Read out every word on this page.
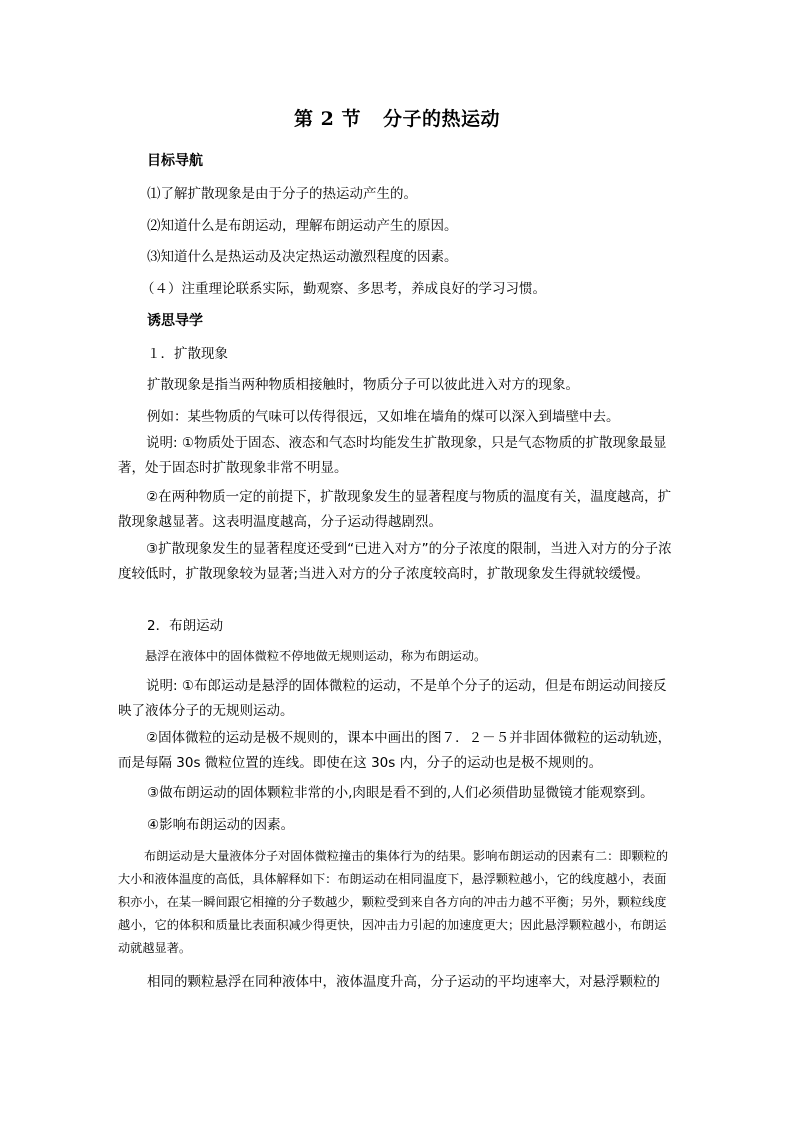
第 2 节 分子的热运动
目标导航
⑴了解扩散现象是由于分子的热运动产生的。
⑵知道什么是布朗运动，理解布朗运动产生的原因。
⑶知道什么是热运动及决定热运动激烈程度的因素。
（４）注重理论联系实际，勤观察、多思考，养成良好的学习习惯。
诱思导学
１．扩散现象
扩散现象是指当两种物质相接触时，物质分子可以彼此进入对方的现象。
例如：某些物质的气味可以传得很远，又如堆在墙角的煤可以深入到墙壁中去。
说明: ①物质处于固态、液态和气态时均能发生扩散现象，只是气态物质的扩散现象最显著，处于固态时扩散现象非常不明显。
②在两种物质一定的前提下，扩散现象发生的显著程度与物质的温度有关，温度越高，扩散现象越显著。这表明温度越高，分子运动得越剧烈。
③扩散现象发生的显著程度还受到“已进入对方”的分子浓度的限制，当进入对方的分子浓度较低时，扩散现象较为显著;当进入对方的分子浓度较高时，扩散现象发生得就较缓慢。
2．布朗运动
悬浮在液体中的固体微粒不停地做无规则运动，称为布朗运动。
说明: ①布郎运动是悬浮的固体微粒的运动，不是单个分子的运动，但是布朗运动间接反映了液体分子的无规则运动。
②固体微粒的运动是极不规则的，课本中画出的图７．２－５并非固体微粒的运动轨迹，而是每隔 30s 微粒位置的连线。即使在这 30s 内，分子的运动也是极不规则的。
③做布朗运动的固体颗粒非常的小,肉眼是看不到的,人们必须借助显微镜才能观察到。
④影响布朗运动的因素。
布朗运动是大量液体分子对固体微粒撞击的集体行为的结果。影响布朗运动的因素有二：即颗粒的大小和液体温度的高低，具体解释如下：布朗运动在相同温度下，悬浮颗粒越小，它的线度越小，表面积亦小，在某一瞬间跟它相撞的分子数越少，颗粒受到来自各方向的冲击力越不平衡；另外，颗粒线度越小，它的体积和质量比表面积减少得更快，因冲击力引起的加速度更大；因此悬浮颗粒越小，布朗运动就越显著。
相同的颗粒悬浮在同种液体中，液体温度升高，分子运动的平均速率大，对悬浮颗粒的
